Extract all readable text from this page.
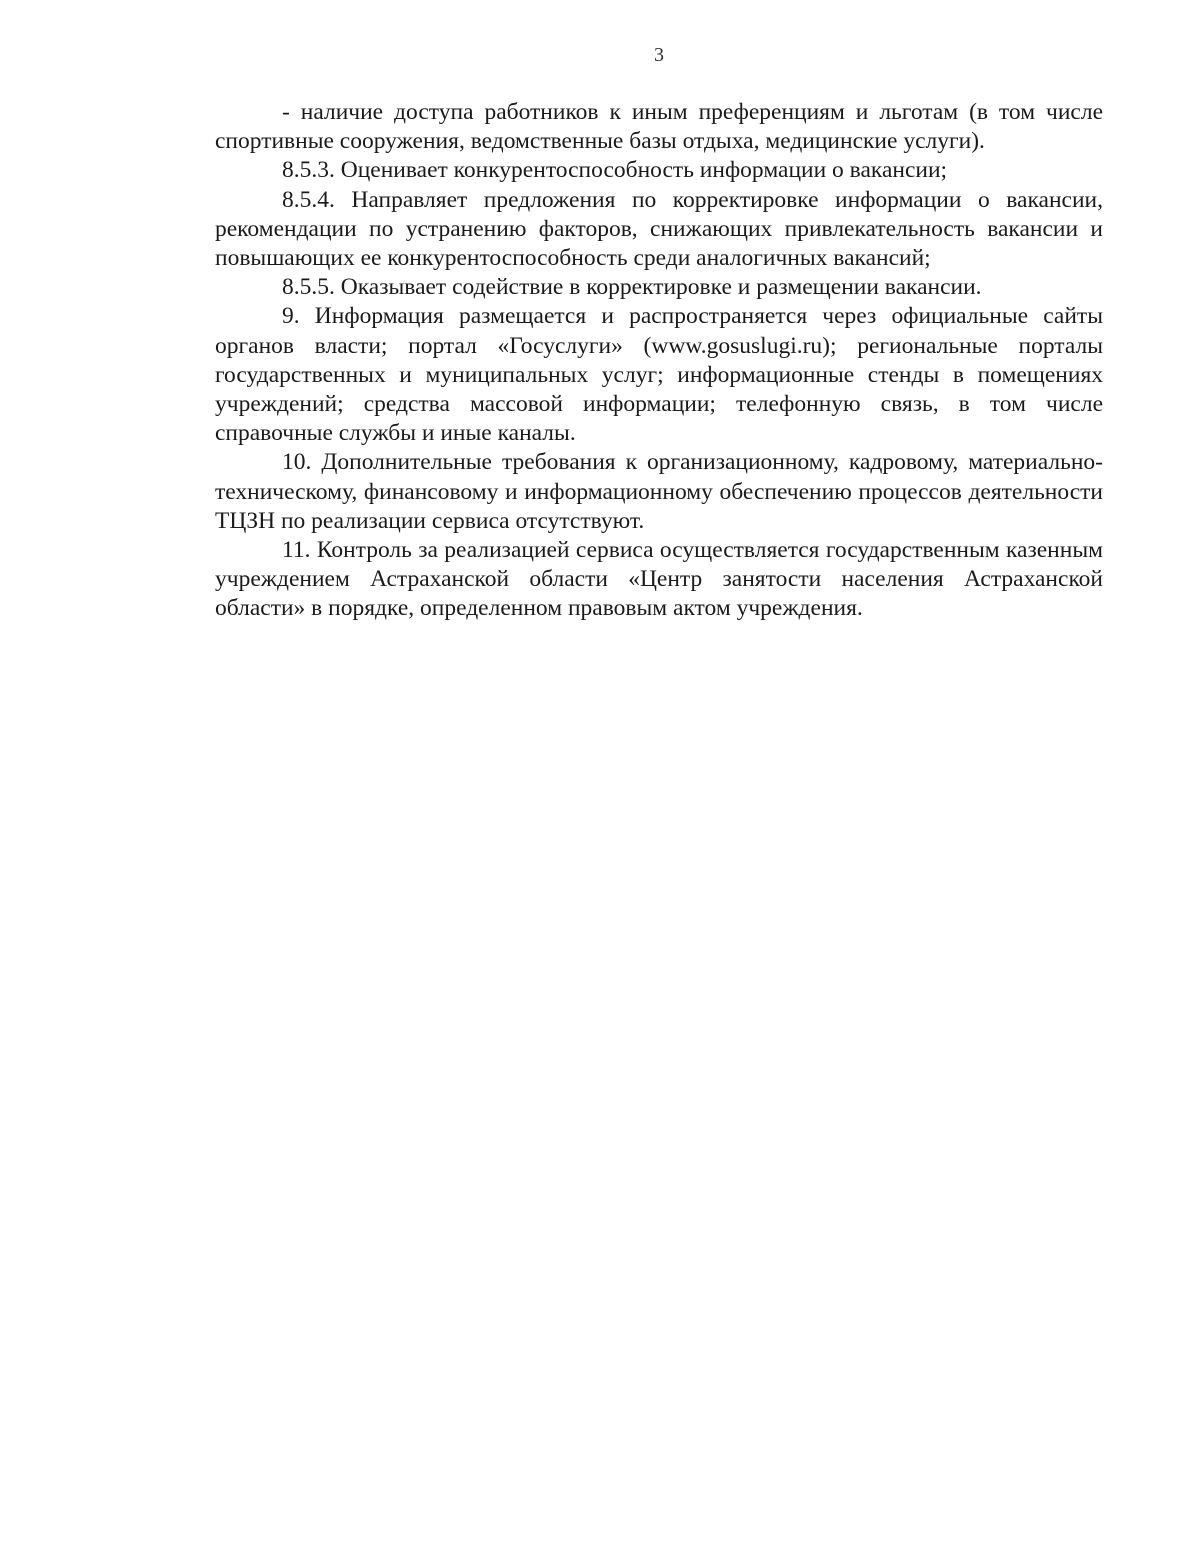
3

- наличие доступа работников к иным преференциям и льготам (в том числе спортивные сооружения, ведомственные базы отдыха, медицинские услуги).

8.5.3. Оценивает конкурентоспособность информации о вакансии;

8.5.4. Направляет предложения по корректировке информации о вакансии, рекомендации по устранению факторов, снижающих привлекательность вакансии и повышающих ее конкурентоспособность среди аналогичных вакансий;

8.5.5. Оказывает содействие в корректировке и размещении вакансии.

9. Информация размещается и распространяется через официальные сайты органов власти; портал «Госуслуги» (www.gosuslugi.ru); региональные порталы государственных и муниципальных услуг; информационные стенды в помещениях учреждений; средства массовой информации; телефонную связь, в том числе справочные службы и иные каналы.

10. Дополнительные требования к организационному, кадровому, материально-техническому, финансовому и информационному обеспечению процессов деятельности ТЦЗН по реализации сервиса отсутствуют.

11. Контроль за реализацией сервиса осуществляется государственным казенным учреждением Астраханской области «Центр занятости населения Астраханской области» в порядке, определенном правовым актом учреждения.
